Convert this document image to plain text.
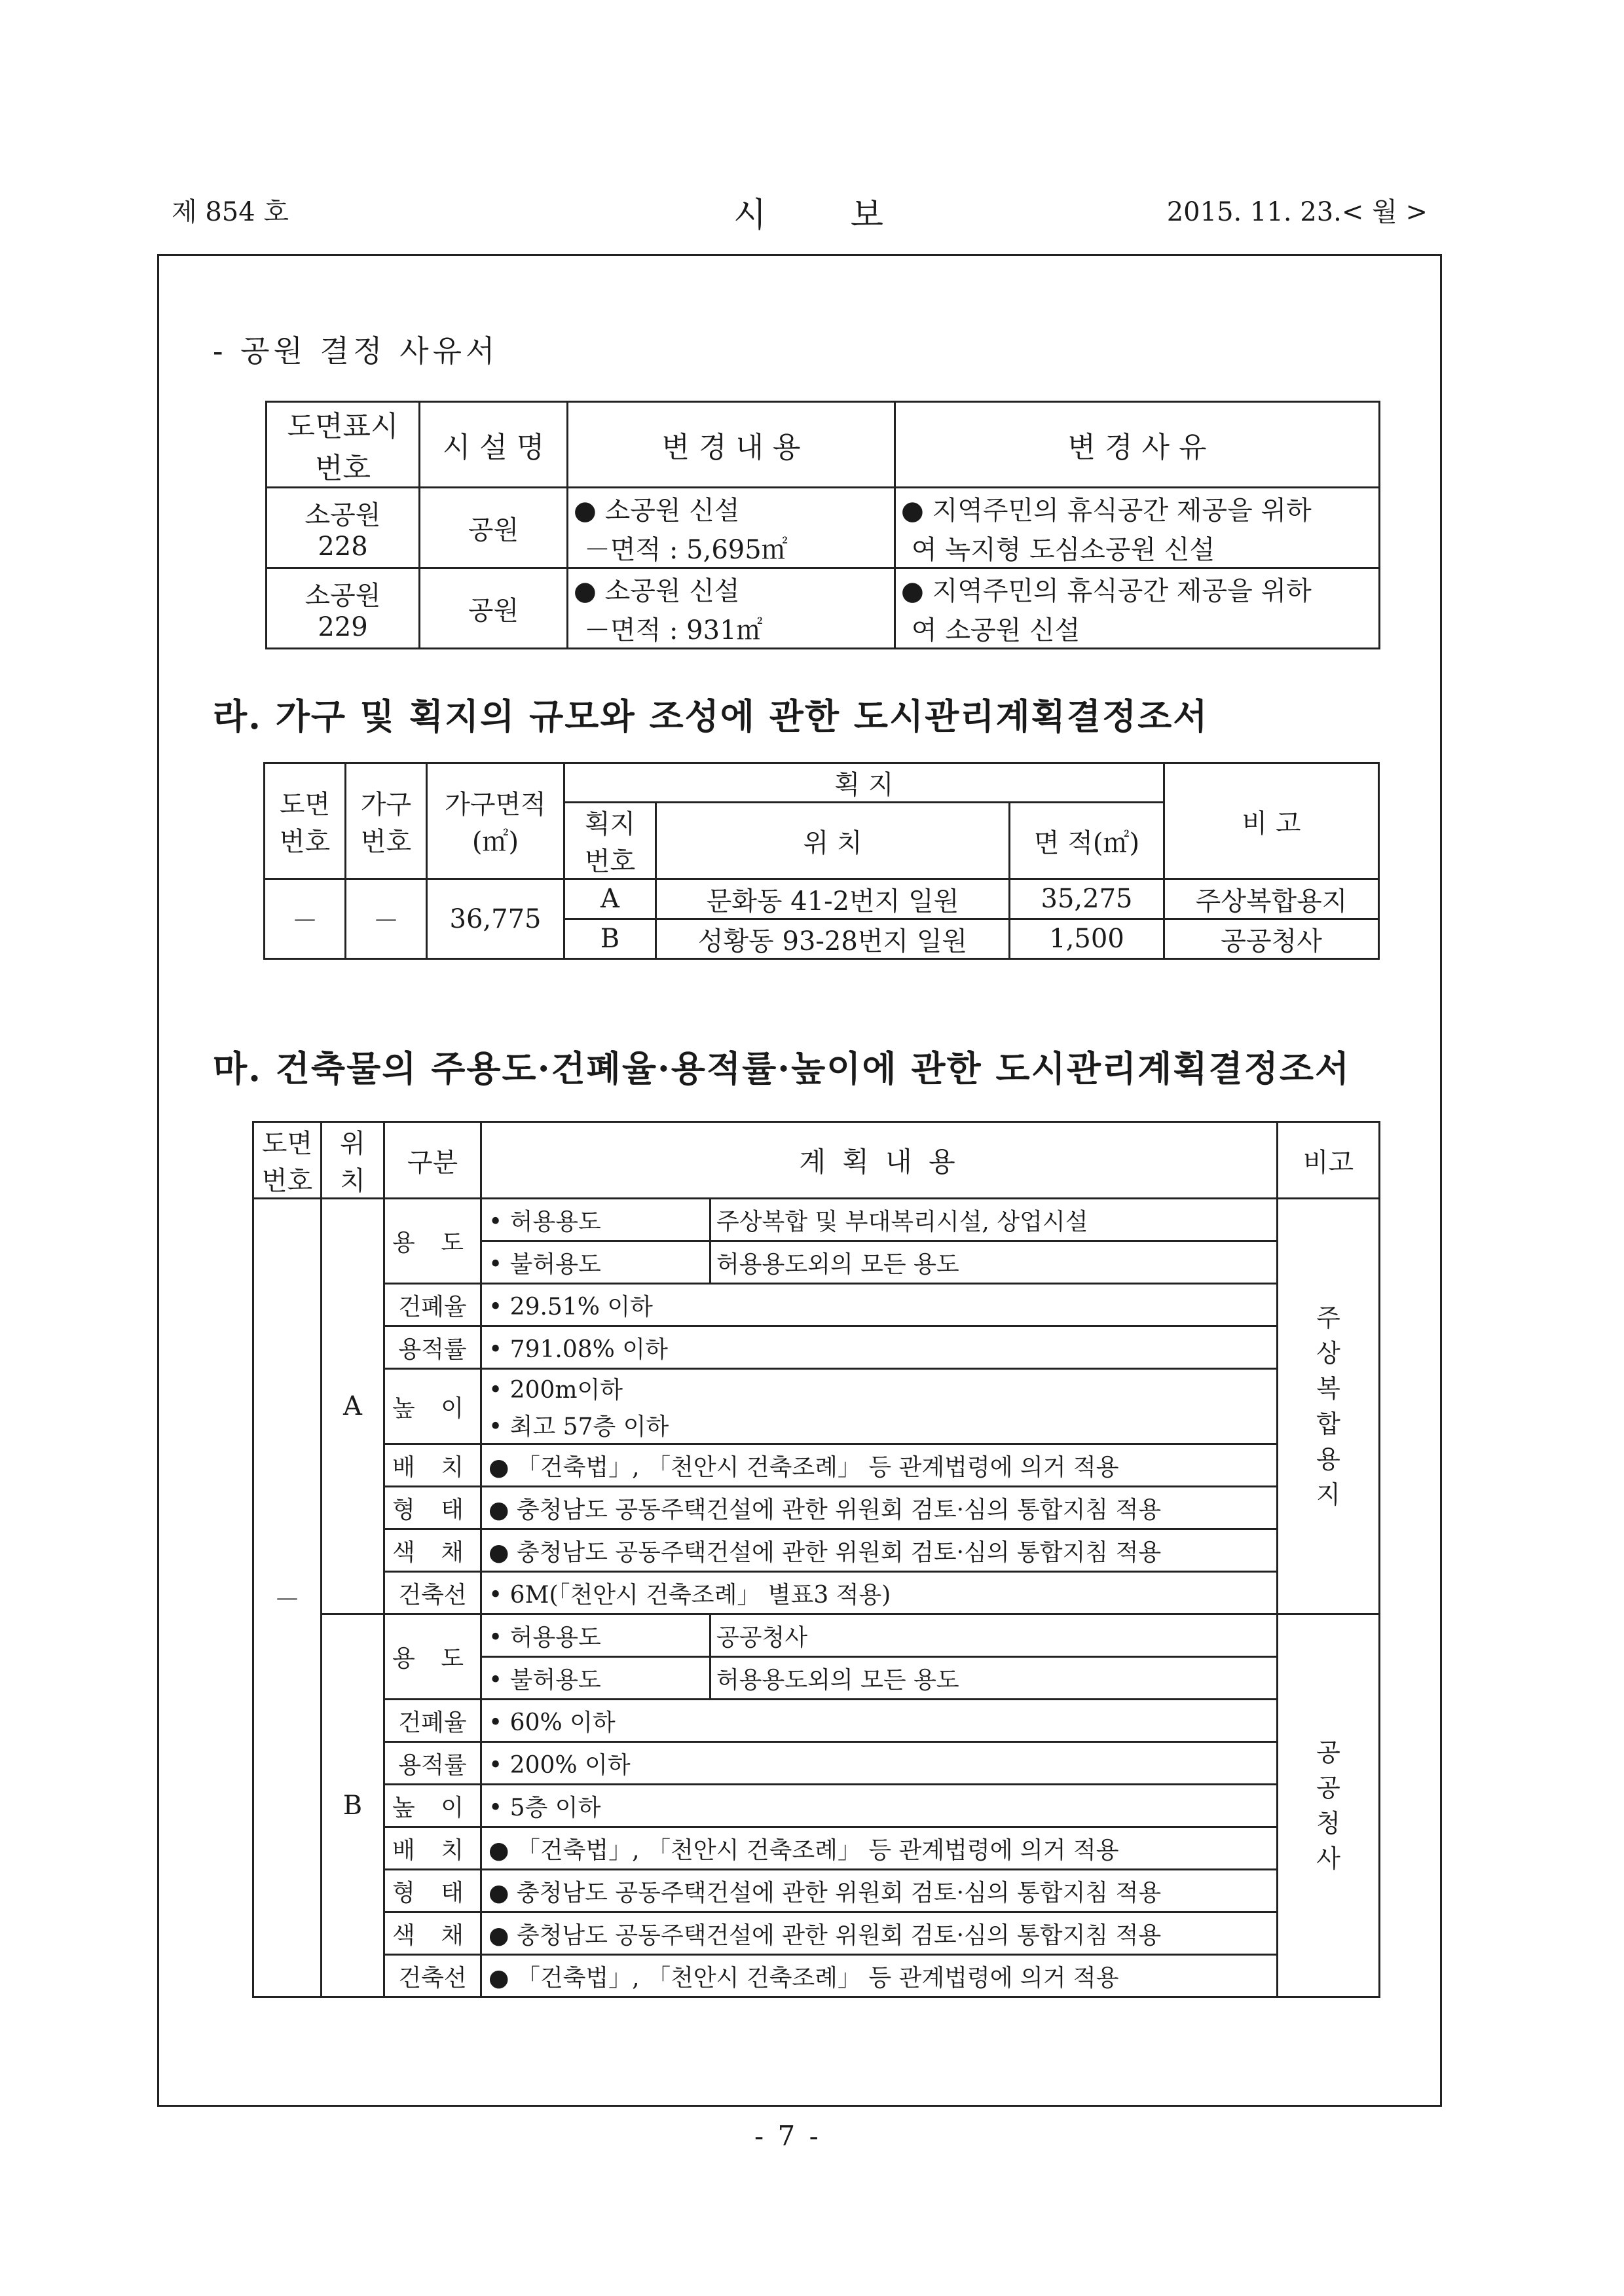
제 854 호	시 보	2015. 11. 23.< 월 >
- 공원 결정 사유서
도면표시 번호	시 설 명	변 경 내 용	변 경 사 유
소공원
228	공원	● 소공원 신설	● 지역주민의 휴식공간 제공을 위하
		－면적 : 5,695㎡	여 녹지형 도심소공원 신설
소공원
229	공원	● 소공원 신설	● 지역주민의 휴식공간 제공을 위하
		－면적 : 931㎡	여 소공원 신설
라. 가구 및 획지의 규모와 조성에 관한 도시관리계획결정조서
도면 번호	가구 번호	가구면적 (㎡)	획 지			비 고
			획지 번호	위 치	면 적(㎡)	
－	－	36,775	A	문화동 41-2번지 일원	35,275	주상복합용지
			B	성황동 93-28번지 일원	1,500	공공청사
마. 건축물의 주용도·건폐율·용적률·높이에 관한 도시관리계획결정조서
도면 번호	위치	구분	계 획 내 용		비고
－	A	용 도	• 허용용도	주상복합 및 부대복리시설, 상업시설	주상 복합 용지
			• 불허용도	허용용도외의 모든 용도	
		건폐율	• 29.51% 이하		
		용적률	• 791.08% 이하		
		높 이	• 200m이하		
			• 최고 57층 이하		
		배 치	● 「건축법」, 「천안시 건축조례」 등 관계법령에 의거 적용		
		형 태	● 충청남도 공동주택건설에 관한 위원회 검토·심의 통합지침 적용		
		색 채	● 충청남도 공동주택건설에 관한 위원회 검토·심의 통합지침 적용		
		건축선	• 6M(「천안시 건축조례」 별표3 적용)		
	B	용 도	• 허용용도	공공청사	공공 청사
			• 불허용도	허용용도외의 모든 용도	
		건폐율	• 60% 이하		
		용적률	• 200% 이하		
		높 이	• 5층 이하		
		배 치	● 「건축법」, 「천안시 건축조례」 등 관계법령에 의거 적용		
		형 태	● 충청남도 공동주택건설에 관한 위원회 검토·심의 통합지침 적용		
		색 채	● 충청남도 공동주택건설에 관한 위원회 검토·심의 통합지침 적용		
		건축선	● 「건축법」, 「천안시 건축조례」 등 관계법령에 의거 적용		
- 7 -
